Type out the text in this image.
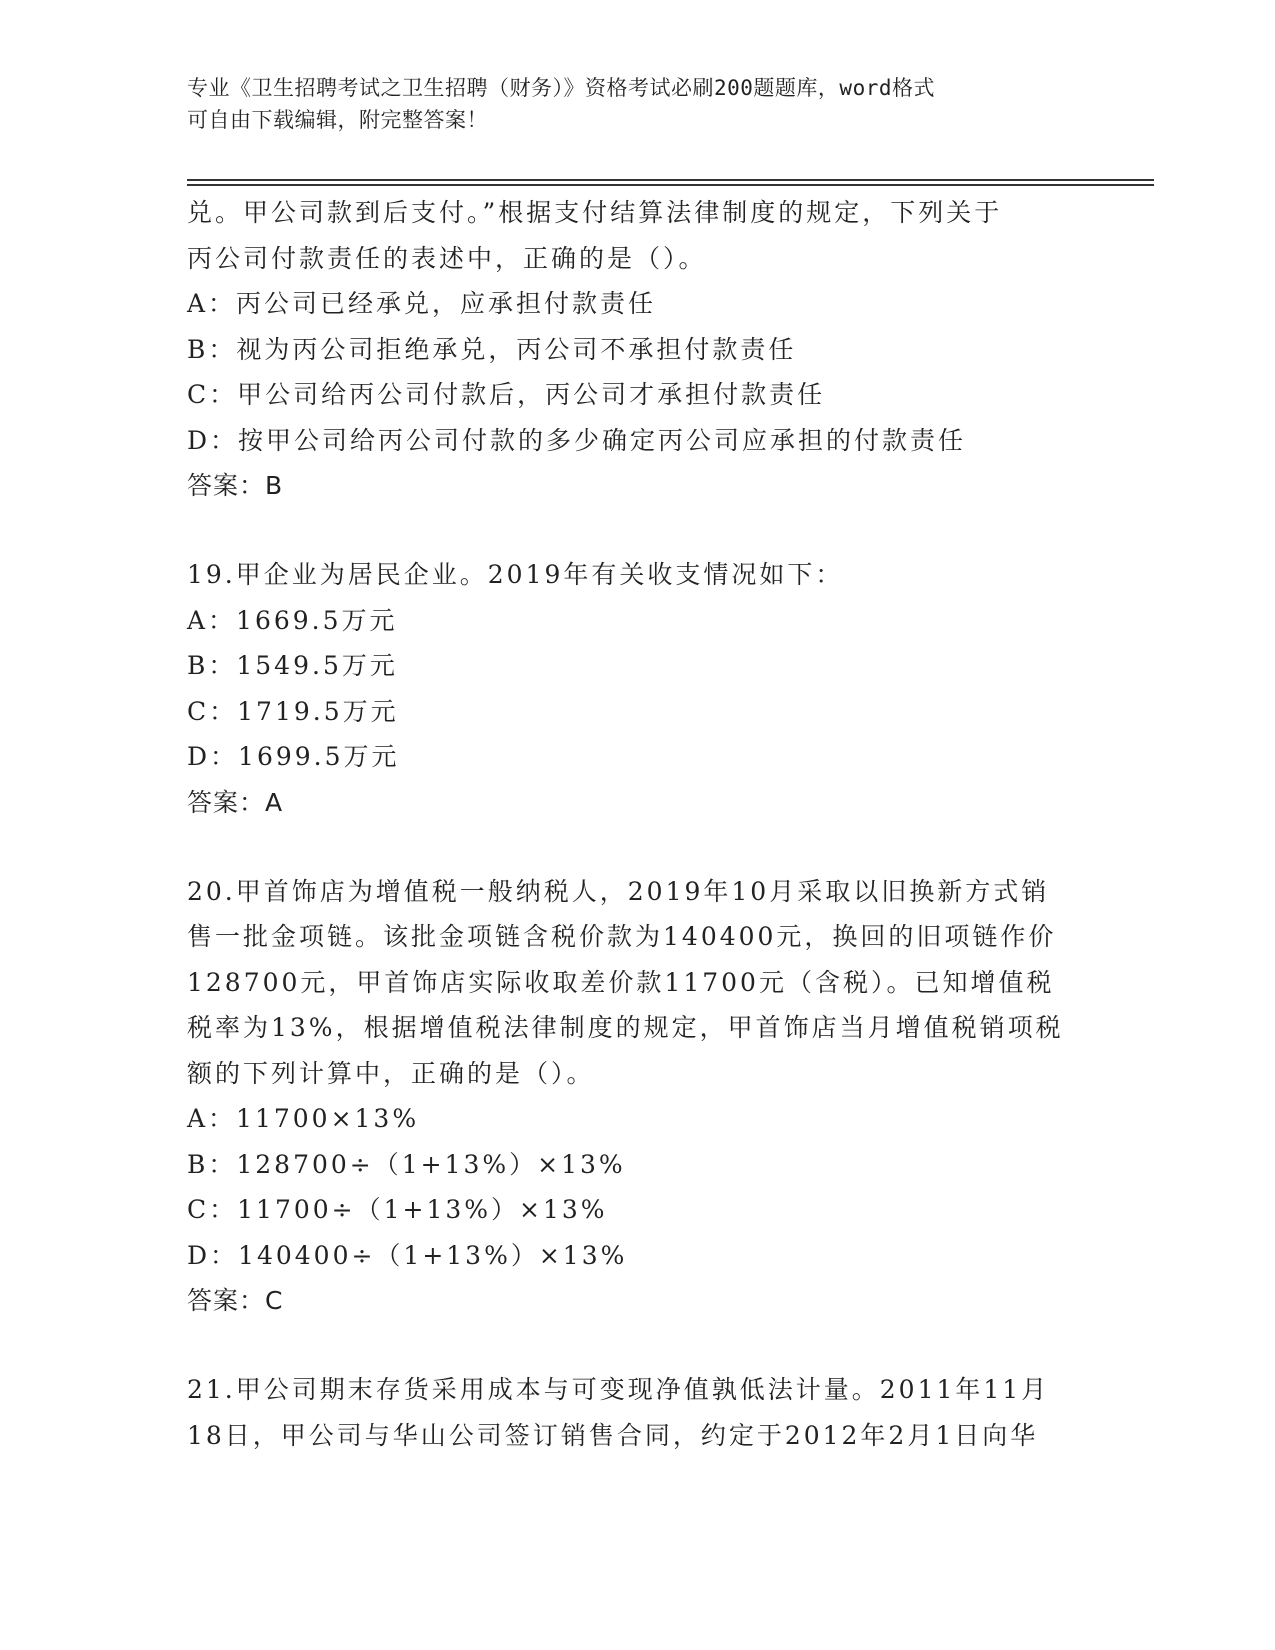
专业《卫生招聘考试之卫生招聘（财务）》资格考试必刷200题题库，word格式
可自由下载编辑，附完整答案！
兑。甲公司款到后支付。”根据支付结算法律制度的规定，下列关于
丙公司付款责任的表述中，正确的是（）。
A：丙公司已经承兑，应承担付款责任
B：视为丙公司拒绝承兑，丙公司不承担付款责任
C：甲公司给丙公司付款后，丙公司才承担付款责任
D：按甲公司给丙公司付款的多少确定丙公司应承担的付款责任
答案：B
19.甲企业为居民企业。2019年有关收支情况如下：
A：1669.5万元
B：1549.5万元
C：1719.5万元
D：1699.5万元
答案：A
20.甲首饰店为增值税一般纳税人，2019年10月采取以旧换新方式销
售一批金项链。该批金项链含税价款为140400元，换回的旧项链作价
128700元，甲首饰店实际收取差价款11700元（含税）。已知增值税
税率为13%，根据增值税法律制度的规定，甲首饰店当月增值税销项税
额的下列计算中，正确的是（）。
A：11700×13%
B：128700÷（1+13%）×13%
C：11700÷（1+13%）×13%
D：140400÷（1+13%）×13%
答案：C
21.甲公司期末存货采用成本与可变现净值孰低法计量。2011年11月
18日，甲公司与华山公司签订销售合同，约定于2012年2月1日向华
